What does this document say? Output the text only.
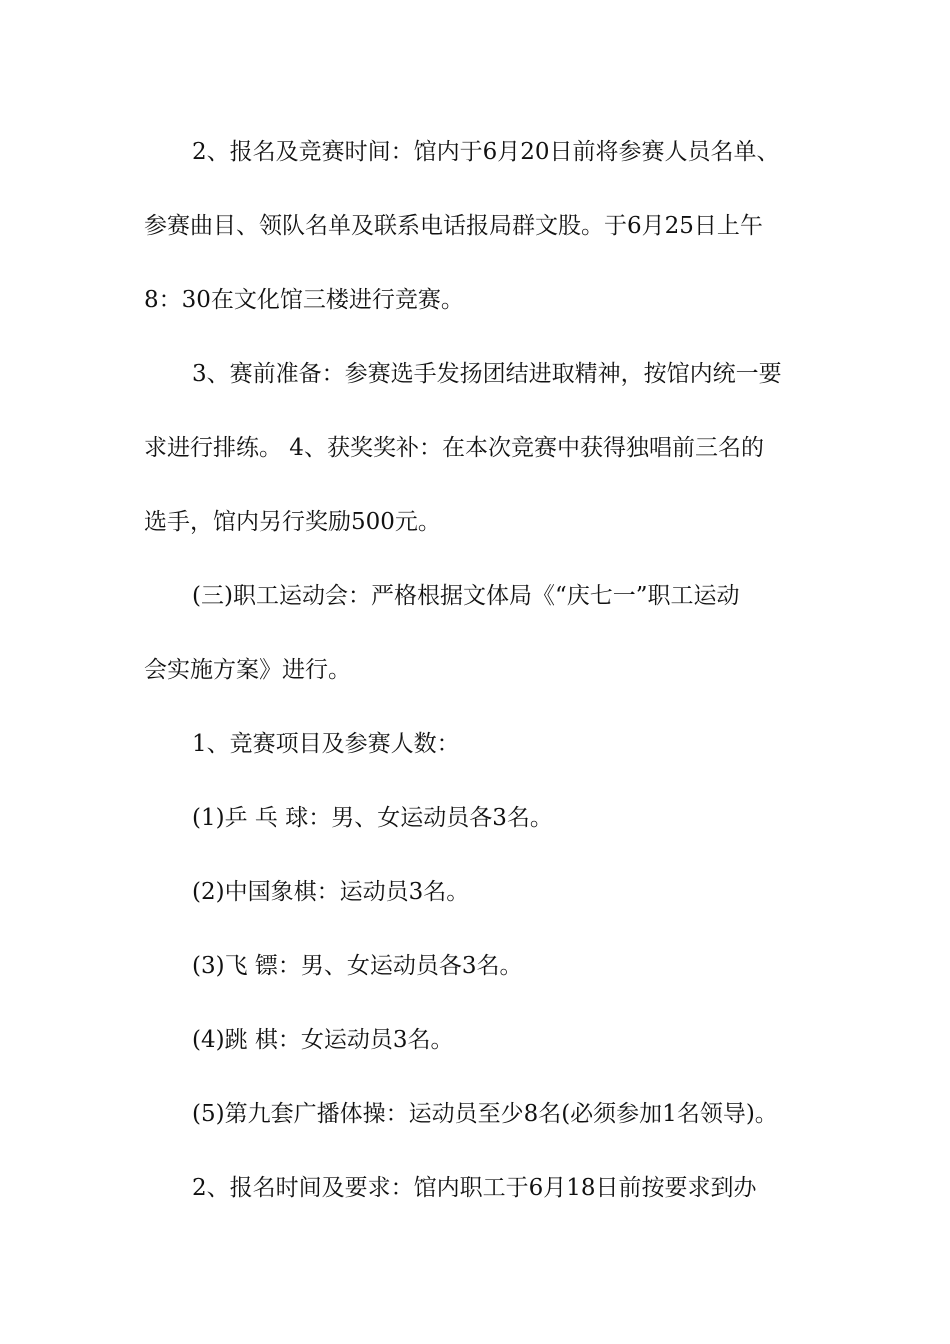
2、报名及竞赛时间：馆内于6月20日前将参赛人员名单、
参赛曲目、领队名单及联系电话报局群文股。于6月25日上午
8：30在文化馆三楼进行竞赛。
3、赛前准备：参赛选手发扬团结进取精神，按馆内统一要
求进行排练。 4、获奖奖补：在本次竞赛中获得独唱前三名的
选手，馆内另行奖励500元。
(三)职工运动会：严格根据文体局《“庆七一”职工运动
会实施方案》进行。
1、竞赛项目及参赛人数：
(1)乒 乓 球：男、女运动员各3名。
(2)中国象棋：运动员3名。
(3)飞 镖：男、女运动员各3名。
(4)跳 棋：女运动员3名。
(5)第九套广播体操：运动员至少8名(必须参加1名领导)。
2、报名时间及要求：馆内职工于6月18日前按要求到办
